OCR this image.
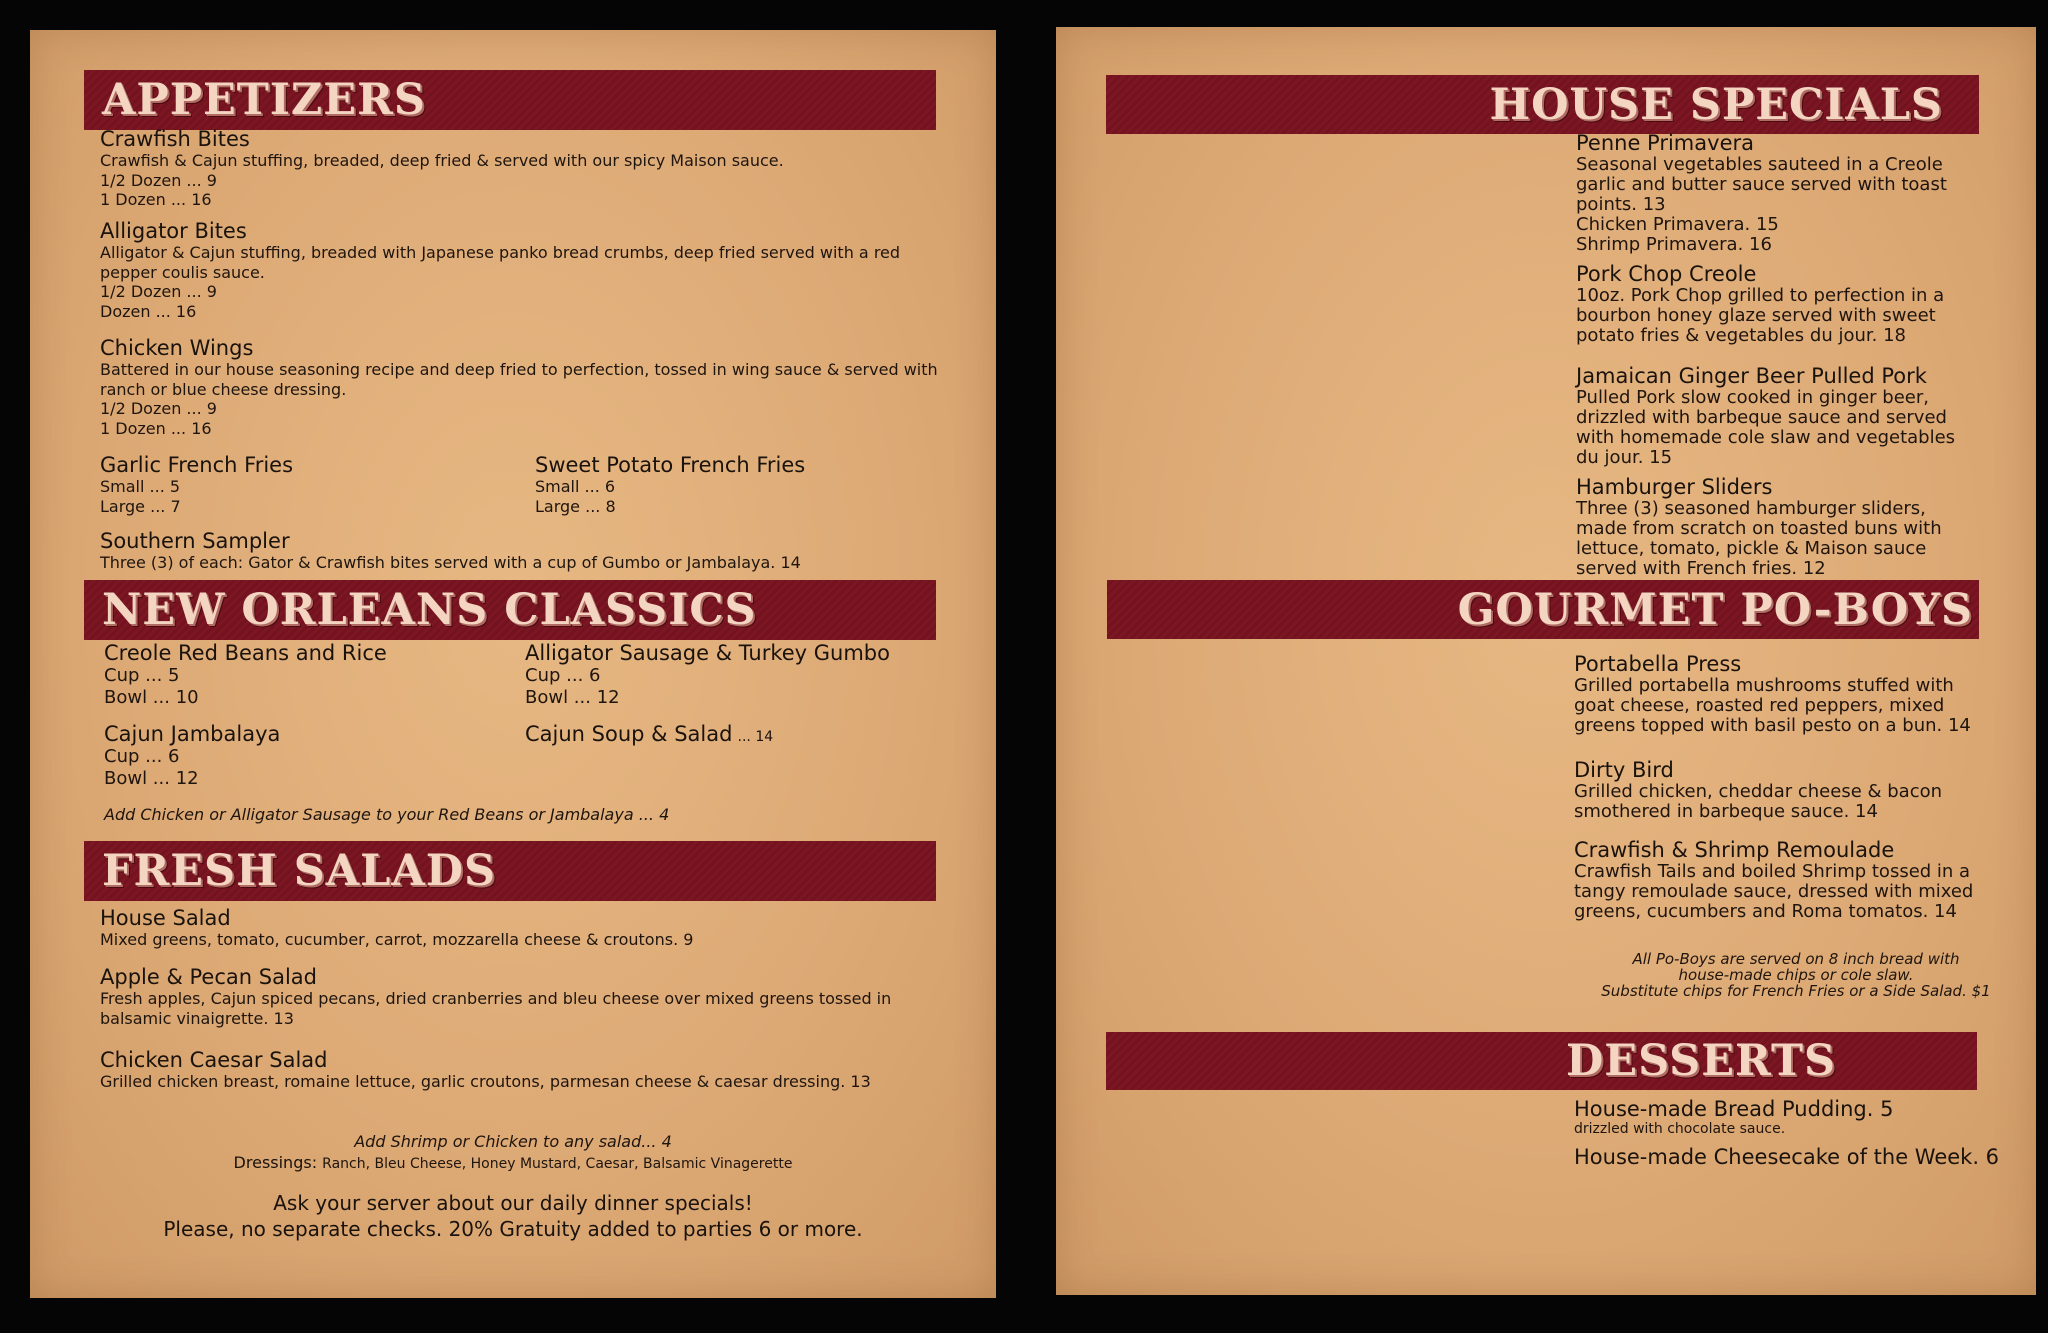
APPETIZERS
Crawfish Bites
Crawfish & Cajun stuffing, breaded, deep fried & served with our spicy Maison sauce.
1/2 Dozen ... 9
1 Dozen ... 16
Alligator Bites
Alligator & Cajun stuffing, breaded with Japanese panko bread crumbs, deep fried served with a red pepper coulis sauce.
1/2 Dozen ... 9
Dozen ... 16
Chicken Wings
Battered in our house seasoning recipe and deep fried to perfection, tossed in wing sauce & served with ranch or blue cheese dressing.
1/2 Dozen ... 9
1 Dozen ... 16
Garlic French Fries
Small ... 5
Large ... 7
Sweet Potato French Fries
Small ... 6
Large ... 8
Southern Sampler
Three (3) of each: Gator & Crawfish bites served with a cup of Gumbo or Jambalaya. 14
NEW ORLEANS CLASSICS
Creole Red Beans and Rice
Cup ... 5
Bowl ... 10
Alligator Sausage & Turkey Gumbo
Cup ... 6
Bowl ... 12
Cajun Jambalaya
Cup ... 6
Bowl ... 12
Cajun Soup & Salad ... 14
Add Chicken or Alligator Sausage to your Red Beans or Jambalaya ... 4
FRESH SALADS
House Salad
Mixed greens, tomato, cucumber, carrot, mozzarella cheese & croutons. 9
Apple & Pecan Salad
Fresh apples, Cajun spiced pecans, dried cranberries and bleu cheese over mixed greens tossed in balsamic vinaigrette. 13
Chicken Caesar Salad
Grilled chicken breast, romaine lettuce, garlic croutons, parmesan cheese & caesar dressing. 13
Add Shrimp or Chicken to any salad... 4
Dressings: Ranch, Bleu Cheese, Honey Mustard, Caesar, Balsamic Vinagerette
Ask your server about our daily dinner specials!
Please, no separate checks. 20% Gratuity added to parties 6 or more.
HOUSE SPECIALS
Penne Primavera
Seasonal vegetables sauteed in a Creole garlic and butter sauce served with toast points. 13
Chicken Primavera. 15
Shrimp Primavera. 16
Pork Chop Creole
10oz. Pork Chop grilled to perfection in a bourbon honey glaze served with sweet potato fries & vegetables du jour. 18
Jamaican Ginger Beer Pulled Pork
Pulled Pork slow cooked in ginger beer, drizzled with barbeque sauce and served with homemade cole slaw and vegetables du jour. 15
Hamburger Sliders
Three (3) seasoned hamburger sliders, made from scratch on toasted buns with lettuce, tomato, pickle & Maison sauce served with French fries. 12
GOURMET PO-BOYS
Portabella Press
Grilled portabella mushrooms stuffed with goat cheese, roasted red peppers, mixed greens topped with basil pesto on a bun. 14
Dirty Bird
Grilled chicken, cheddar cheese & bacon smothered in barbeque sauce. 14
Crawfish & Shrimp Remoulade
Crawfish Tails and boiled Shrimp tossed in a tangy remoulade sauce, dressed with mixed greens, cucumbers and Roma tomatos. 14
All Po-Boys are served on 8 inch bread with
house-made chips or cole slaw.
Substitute chips for French Fries or a Side Salad. $1
DESSERTS
House-made Bread Pudding. 5
drizzled with chocolate sauce.
House-made Cheesecake of the Week. 6
